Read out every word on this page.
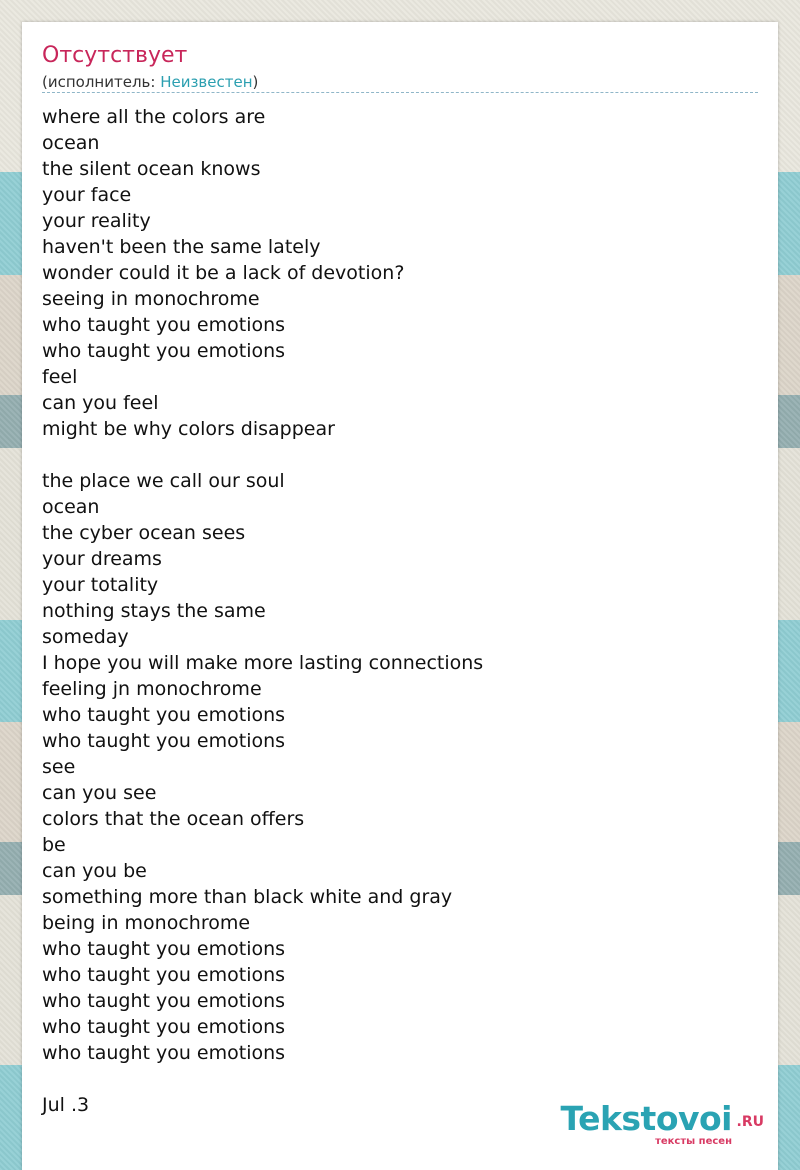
Отсутствует
(исполнитель: Неизвестен)
where all the colors are
ocean
the silent ocean knows
your face
your reality
haven't been the same lately
wonder could it be a lack of devotion?
seeing in monochrome
who taught you emotions
who taught you emotions
feel
can you feel
might be why colors disappear
the place we call our soul
ocean
the cyber ocean sees
your dreams
your totality
nothing stays the same
someday
I hope you will make more lasting connections
feeling jn monochrome
who taught you emotions
who taught you emotions
see
can you see
colors that the ocean offers
be
can you be
something more than black white and gray
being in monochrome
who taught you emotions
who taught you emotions
who taught you emotions
who taught you emotions
who taught you emotions
Jul .3	Tekstovoi .RU
тексты песен
